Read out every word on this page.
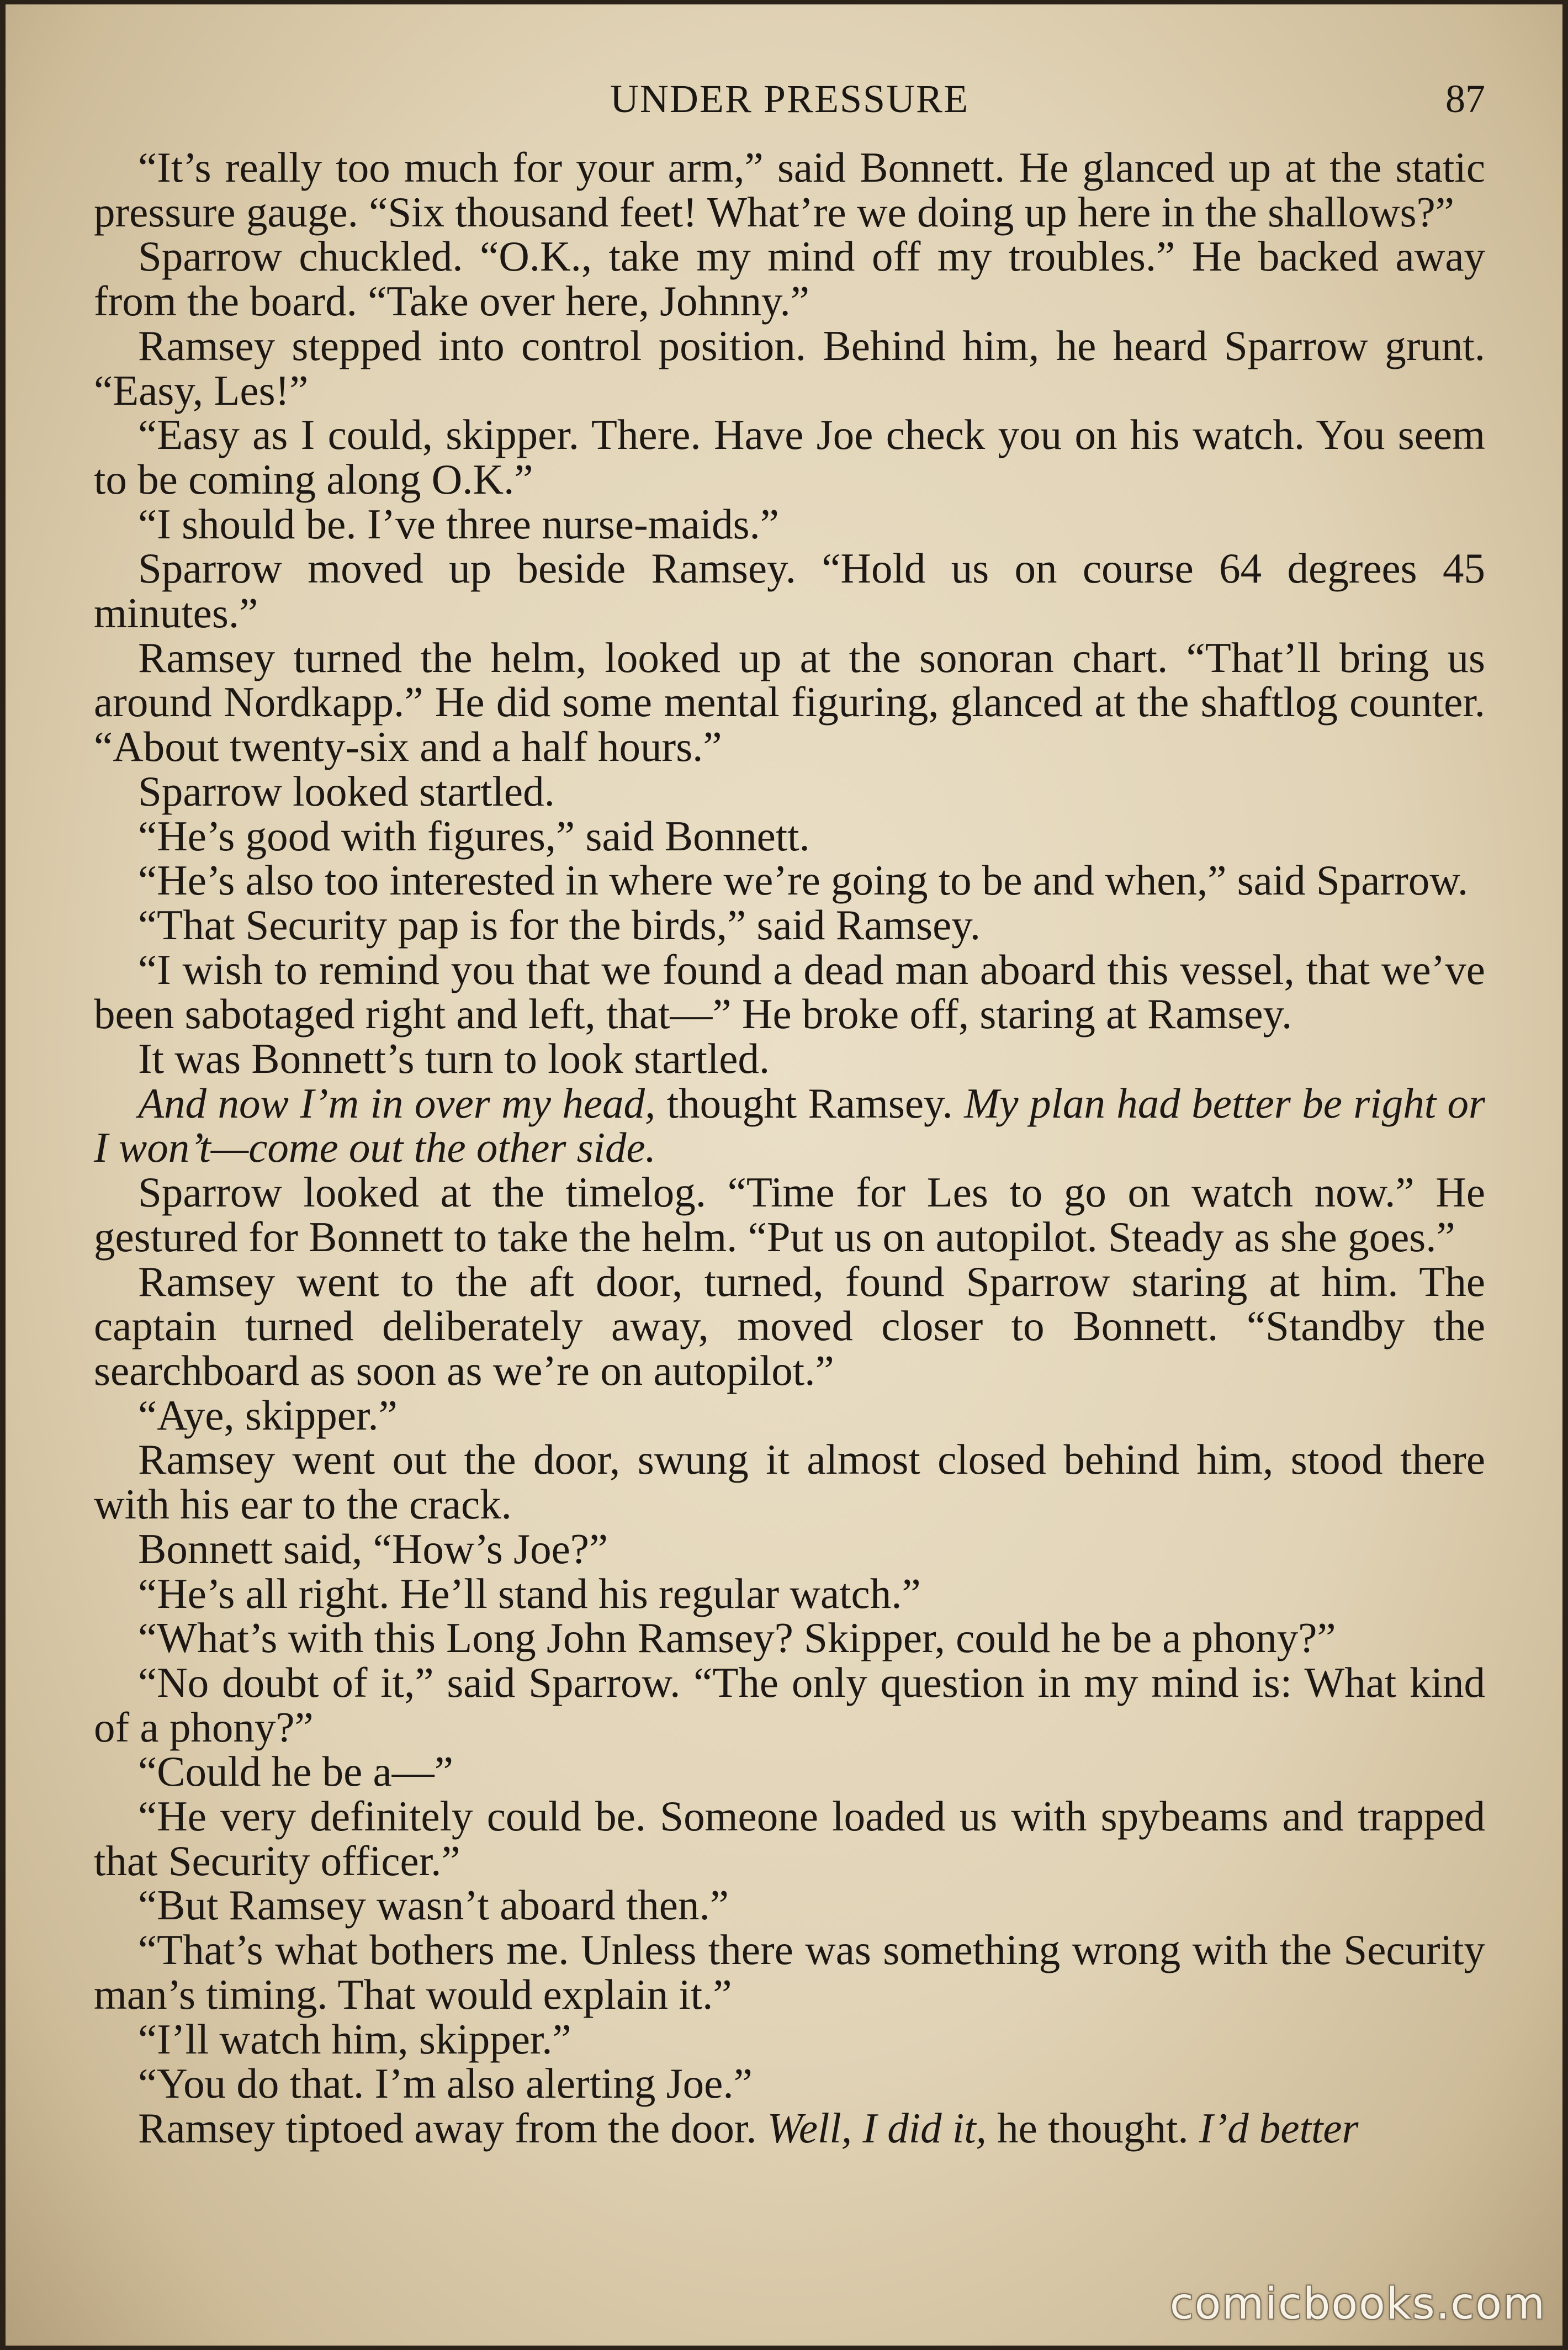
UNDER PRESSURE	87

“It’s really too much for your arm,” said Bonnett. He glanced up at the static pressure gauge. “Six thousand feet! What’re we doing up here in the shallows?”

Sparrow chuckled. “O.K., take my mind off my troubles.” He backed away from the board. “Take over here, Johnny.”

Ramsey stepped into control position. Behind him, he heard Sparrow grunt. “Easy, Les!”

“Easy as I could, skipper. There. Have Joe check you on his watch. You seem to be coming along O.K.”

“I should be. I’ve three nurse-maids.”

Sparrow moved up beside Ramsey. “Hold us on course 64 degrees 45 minutes.”

Ramsey turned the helm, looked up at the sonoran chart. “That’ll bring us around Nordkapp.” He did some mental figuring, glanced at the shaftlog counter. “About twenty-six and a half hours.”

Sparrow looked startled.

“He’s good with figures,” said Bonnett.

“He’s also too interested in where we’re going to be and when,” said Sparrow.

“That Security pap is for the birds,” said Ramsey.

“I wish to remind you that we found a dead man aboard this vessel, that we’ve been sabotaged right and left, that—” He broke off, staring at Ramsey.

It was Bonnett’s turn to look startled.

And now I’m in over my head, thought Ramsey. My plan had better be right or I won’t—come out the other side.

Sparrow looked at the timelog. “Time for Les to go on watch now.” He gestured for Bonnett to take the helm. “Put us on autopilot. Steady as she goes.”

Ramsey went to the aft door, turned, found Sparrow staring at him. The captain turned deliberately away, moved closer to Bonnett. “Standby the searchboard as soon as we’re on autopilot.”

“Aye, skipper.”

Ramsey went out the door, swung it almost closed behind him, stood there with his ear to the crack.

Bonnett said, “How’s Joe?”

“He’s all right. He’ll stand his regular watch.”

“What’s with this Long John Ramsey? Skipper, could he be a phony?”

“No doubt of it,” said Sparrow. “The only question in my mind is: What kind of a phony?”

“Could he be a—”

“He very definitely could be. Someone loaded us with spybeams and trapped that Security officer.”

“But Ramsey wasn’t aboard then.”

“That’s what bothers me. Unless there was something wrong with the Security man’s timing. That would explain it.”

“I’ll watch him, skipper.”

“You do that. I’m also alerting Joe.”

Ramsey tiptoed away from the door. Well, I did it, he thought. I’d better

comicbooks.com
